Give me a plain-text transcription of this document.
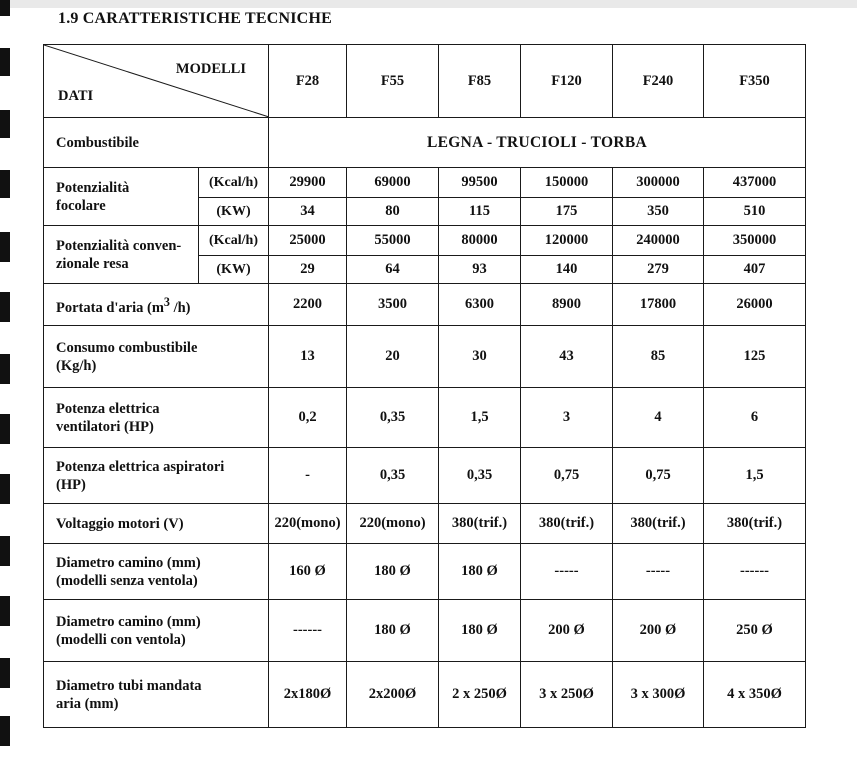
1.9 CARATTERISTICHE TECNICHE
MODELLI
DATI		F28	F55	F85	F120	F240	F350
Combustibile		LEGNA - TRUCIOLI - TORBA					

Potenzialità
focolare	(Kcal/h)	29900	69000	99500	150000	300000	437000
	(KW)	34	80	115	175	350	510

Potenzialità conven-
zionale resa	(Kcal/h)	25000	55000	80000	120000	240000	350000
	(KW)	29	64	93	140	279	407

Portata d'aria ($m^3$ /h)		2200	3500	6300	8900	17800	26000

Consumo combustibile
(Kg/h)		13	20	30	43	85	125

Potenza elettrica
ventilatori (HP)		0,2	0,35	1,5	3	4	6

Potenza elettrica aspiratori
(HP)		-	0,35	0,35	0,75	0,75	1,5

Voltaggio motori (V)		220(mono)	220(mono)	380(trif.)	380(trif.)	380(trif.)	380(trif.)

Diametro camino (mm)
(modelli senza ventola)		160 Ø	180 Ø	180 Ø	-----	-----	------

Diametro camino (mm)
(modelli con ventola)		------	180 Ø	180 Ø	200 Ø	200 Ø	250 Ø

Diametro tubi mandata
aria (mm)		2x180Ø	2x200Ø	2 x 250Ø	3 x 250Ø	3 x 300Ø	4 x 350Ø
